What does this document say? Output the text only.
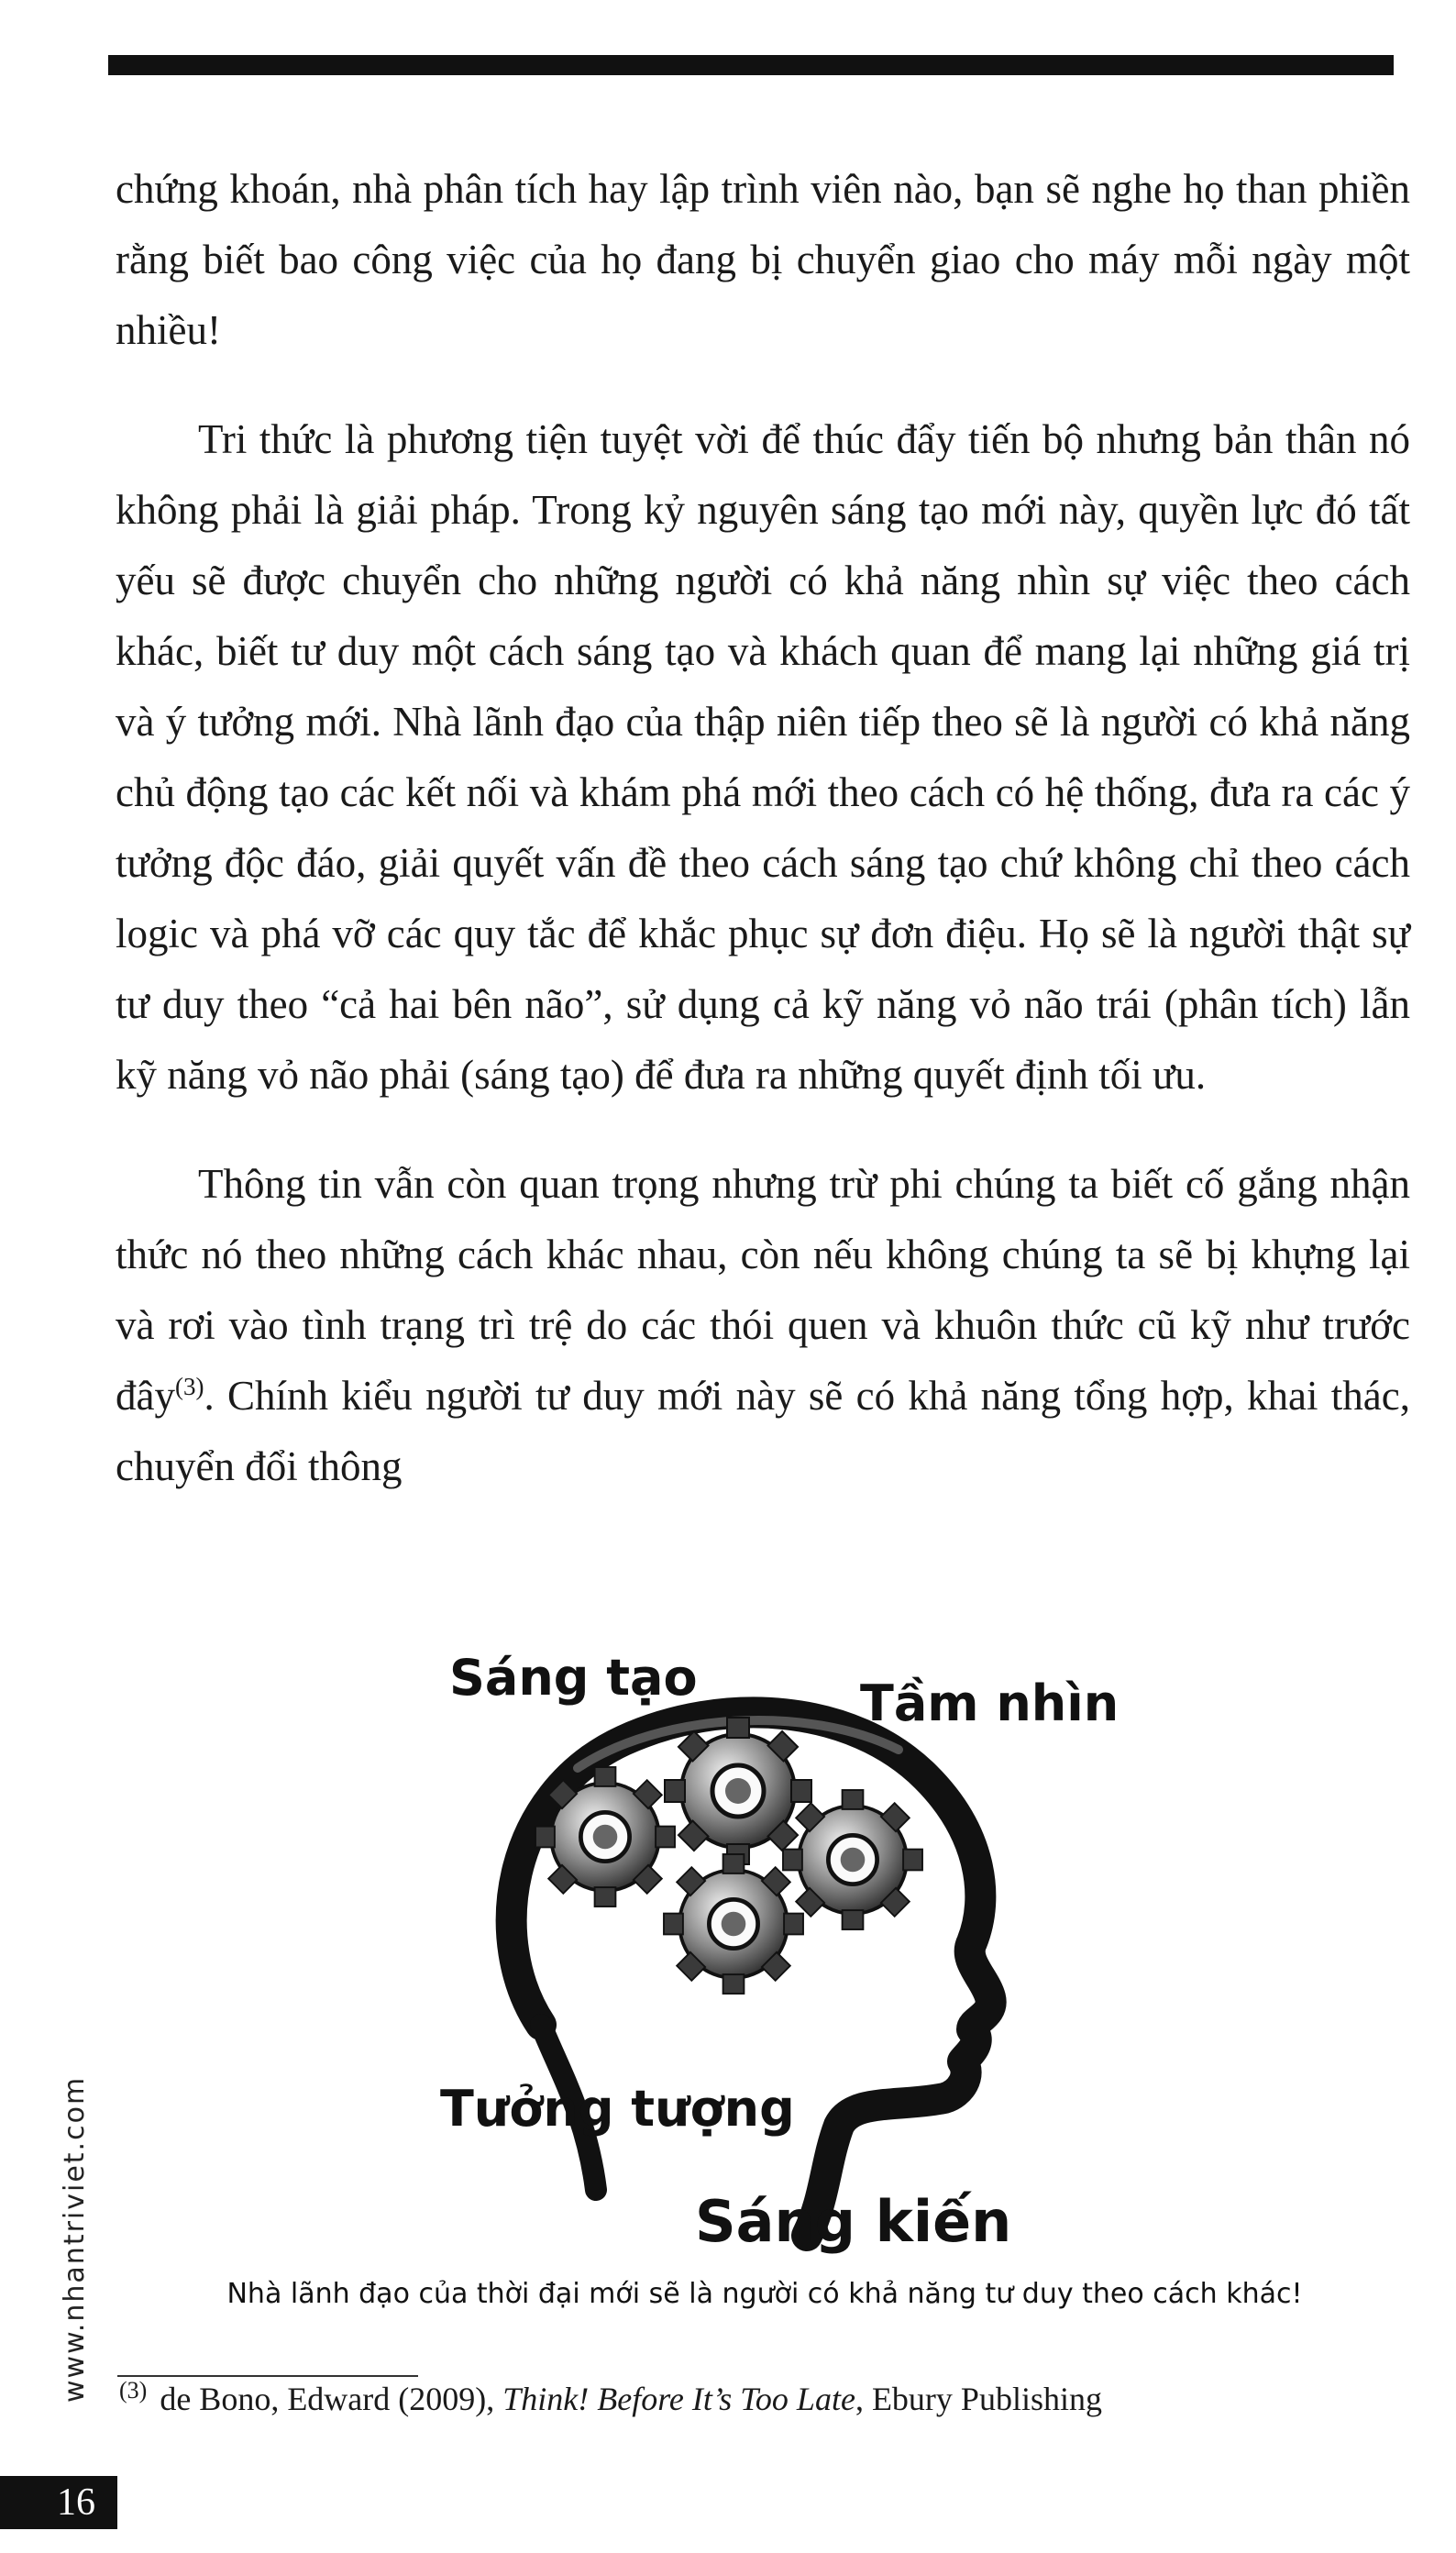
chứng khoán, nhà phân tích hay lập trình viên nào, bạn sẽ nghe họ than phiền rằng biết bao công việc của họ đang bị chuyển giao cho máy mỗi ngày một nhiều!

Tri thức là phương tiện tuyệt vời để thúc đẩy tiến bộ nhưng bản thân nó không phải là giải pháp. Trong kỷ nguyên sáng tạo mới này, quyền lực đó tất yếu sẽ được chuyển cho những người có khả năng nhìn sự việc theo cách khác, biết tư duy một cách sáng tạo và khách quan để mang lại những giá trị và ý tưởng mới. Nhà lãnh đạo của thập niên tiếp theo sẽ là người có khả năng chủ động tạo các kết nối và khám phá mới theo cách có hệ thống, đưa ra các ý tưởng độc đáo, giải quyết vấn đề theo cách sáng tạo chứ không chỉ theo cách logic và phá vỡ các quy tắc để khắc phục sự đơn điệu. Họ sẽ là người thật sự tư duy theo “cả hai bên não”, sử dụng cả kỹ năng vỏ não trái (phân tích) lẫn kỹ năng vỏ não phải (sáng tạo) để đưa ra những quyết định tối ưu.

Thông tin vẫn còn quan trọng nhưng trừ phi chúng ta biết cố gắng nhận thức nó theo những cách khác nhau, còn nếu không chúng ta sẽ bị khựng lại và rơi vào tình trạng trì trệ do các thói quen và khuôn thức cũ kỹ như trước đây$^{(3)}$. Chính kiểu người tư duy mới này sẽ có khả năng tổng hợp, khai thác, chuyển đổi thông

Sáng tạo	Tầm nhìn
Tưởng tượng
Sáng kiến
Nhà lãnh đạo của thời đại mới sẽ là người có khả năng tư duy theo cách khác!
$^{(3)}$ de Bono, Edward (2009), Think! Before It’s Too Late, Ebury Publishing
www.nhantriviet.com
16
